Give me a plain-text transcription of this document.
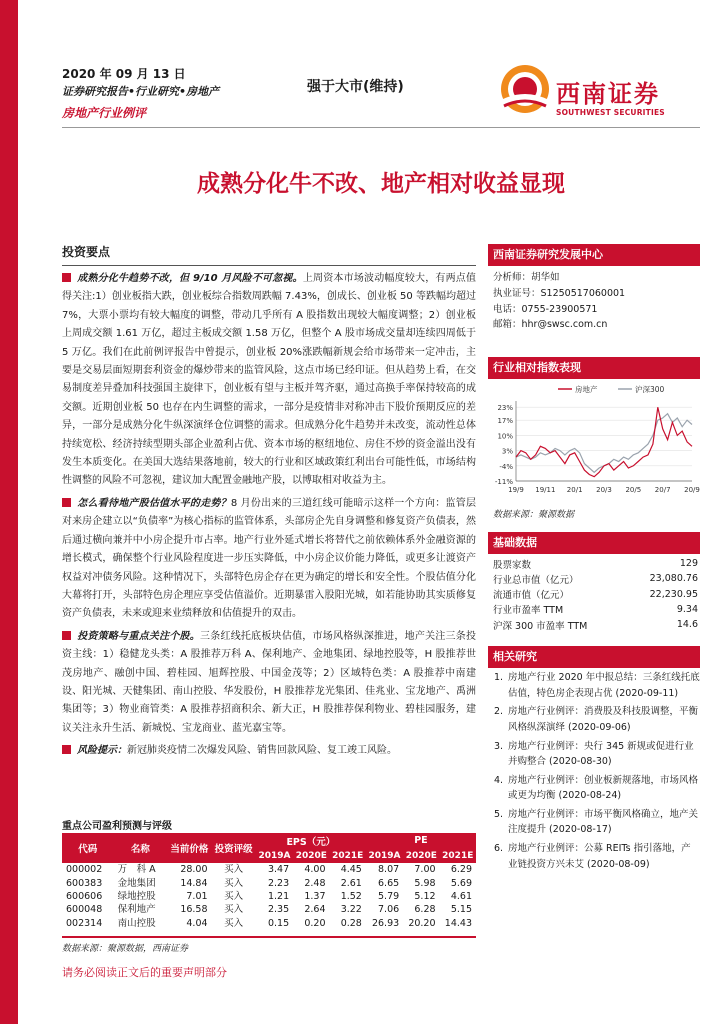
2020 年 09 月 13 日
证券研究报告•行业研究•房地产
房地产行业例评
强于大市(维持)	西南证券
SOUTHWEST SECURITIES
成熟分化牛不改、地产相对收益显现
投资要点

成熟分化牛趋势不改，但 9/10 月风险不可忽视。上周资本市场波动幅度较大，有两点值得关注:1）创业板指大跌，创业板综合指数周跌幅 7.43%，创成长、创业板 50 等跌幅均超过 7%，大票小票均有较大幅度的调整，带动几乎所有 A 股指数出现较大幅度调整；2）创业板上周成交额 1.61 万亿，超过主板成交额 1.58 万亿，但整个 A 股市场成交量却连续四周低于 5 万亿。我们在此前例评报告中曾提示，创业板 20%涨跌幅新规会给市场带来一定冲击，主要是交易层面短期套利资金的爆炒带来的监管风险，这点市场已经印证。但从趋势上看，在交易制度差异叠加科技强国主旋律下，创业板有望与主板并驾齐驱，通过高换手率保持较高的成交额。近期创业板 50 也存在内生调整的需求，一部分是疫情非对称冲击下股价预期反应的差异，一部分是成熟分化牛纵深演绎仓位调整的需求。但成熟分化牛趋势并未改变，流动性总体持续宽松、经济持续型期头部企业盈利占优、资本市场的枢纽地位、房住不炒的资金溢出没有发生本质变化。在美国大选结果落地前，较大的行业和区域政策红利出台可能性低，市场结构性调整的风险不可忽视，建议加大配置金融地产股，以博取相对收益为主。

怎么看待地产股估值水平的走势？8 月份出来的三道红线可能暗示这样一个方向：监管层对来房企建立以“负债率”为核心指标的监管体系，头部房企先自身调整和修复资产负债表，然后通过横向兼并中小房企提升市占率。地产行业外延式增长将替代之前依赖体系外金融资源的增长模式，确保整个行业风险程度进一步压实降低，中小房企议价能力降低，或更多让渡资产权益对冲债务风险。这种情况下，头部特色房企存在更为确定的增长和安全性。个股估值分化大幕将打开，头部特色房企理应享受估值溢价。近期暴雷入股阳光城，如若能协助其实质修复资产负债表，未来或迎来业绩释放和估值提升的双击。

投资策略与重点关注个股。三条红线托底板块估值，市场风格纵深推进，地产关注三条投资主线：1）稳健龙头类：A 股推荐万科 A、保利地产、金地集团、绿地控股等，H 股推荐世茂房地产、融创中国、碧桂园、旭辉控股、中国金茂等；2）区域特色类：A 股推荐中南建设、阳光城、天健集团、南山控股、华发股份，H 股推荐龙光集团、佳兆业、宝龙地产、禹洲集团等；3）物业商管类：A 股推荐招商积余、新大正，H 股推荐保利物业、碧桂园服务，建议关注永升生活、新城悦、宝龙商业、蓝光嘉宝等。

风险提示：新冠肺炎疫情二次爆发风险、销售回款风险、复工竣工风险。

重点公司盈利预测与评级
代码	名称	当前价格	投资评级	EPS（元）			PE		
				2019A	2020E	2021E	2019A	2020E	2021E
000002	万　科 A	28.00	买入	3.47	4.00	4.45	8.07	7.00	6.29
600383	金地集团	14.84	买入	2.23	2.48	2.61	6.65	5.98	5.69
600606	绿地控股	7.01	买入	1.21	1.37	1.52	5.79	5.12	4.61
600048	保利地产	16.58	买入	2.35	2.64	3.22	7.06	6.28	5.15
002314	南山控股	4.04	买入	0.15	0.20	0.28	26.93	20.20	14.43
数据来源：聚源数据，西南证券
请务必阅读正文后的重要声明部分
西南证券研究发展中心
分析师：胡华如
执业证号：S1250517060001
电话：0755-23900571
邮箱：hhr@swsc.com.cn
行业相对指数表现
23%
17%
10%
3%
-4%
-11%
19/9 19/11 20/1 20/3 20/5 20/7 20/9
房地产	沪深300
数据来源：聚源数据
基础数据
股票家数	129
行业总市值（亿元）	23,080.76
流通市值（亿元）	22,230.95
行业市盈率 TTM	9.34
沪深 300 市盈率 TTM	14.6
相关研究
1. 房地产行业 2020 年中报总结：三条红线托底估值，特色房企表现占优 (2020-09-11)
2. 房地产行业例评：消费股及科技股调整，平衡风格纵深演绎 (2020-09-06)
3. 房地产行业例评：央行 345 新规或促进行业并购整合 (2020-08-30)
4. 房地产行业例评：创业板新规落地，市场风格或更为均衡 (2020-08-24)
5. 房地产行业例评：市场平衡风格确立，地产关注度提升 (2020-08-17)
6. 房地产行业例评：公募 REITs 指引落地，产业链投资方兴未艾 (2020-08-09)
